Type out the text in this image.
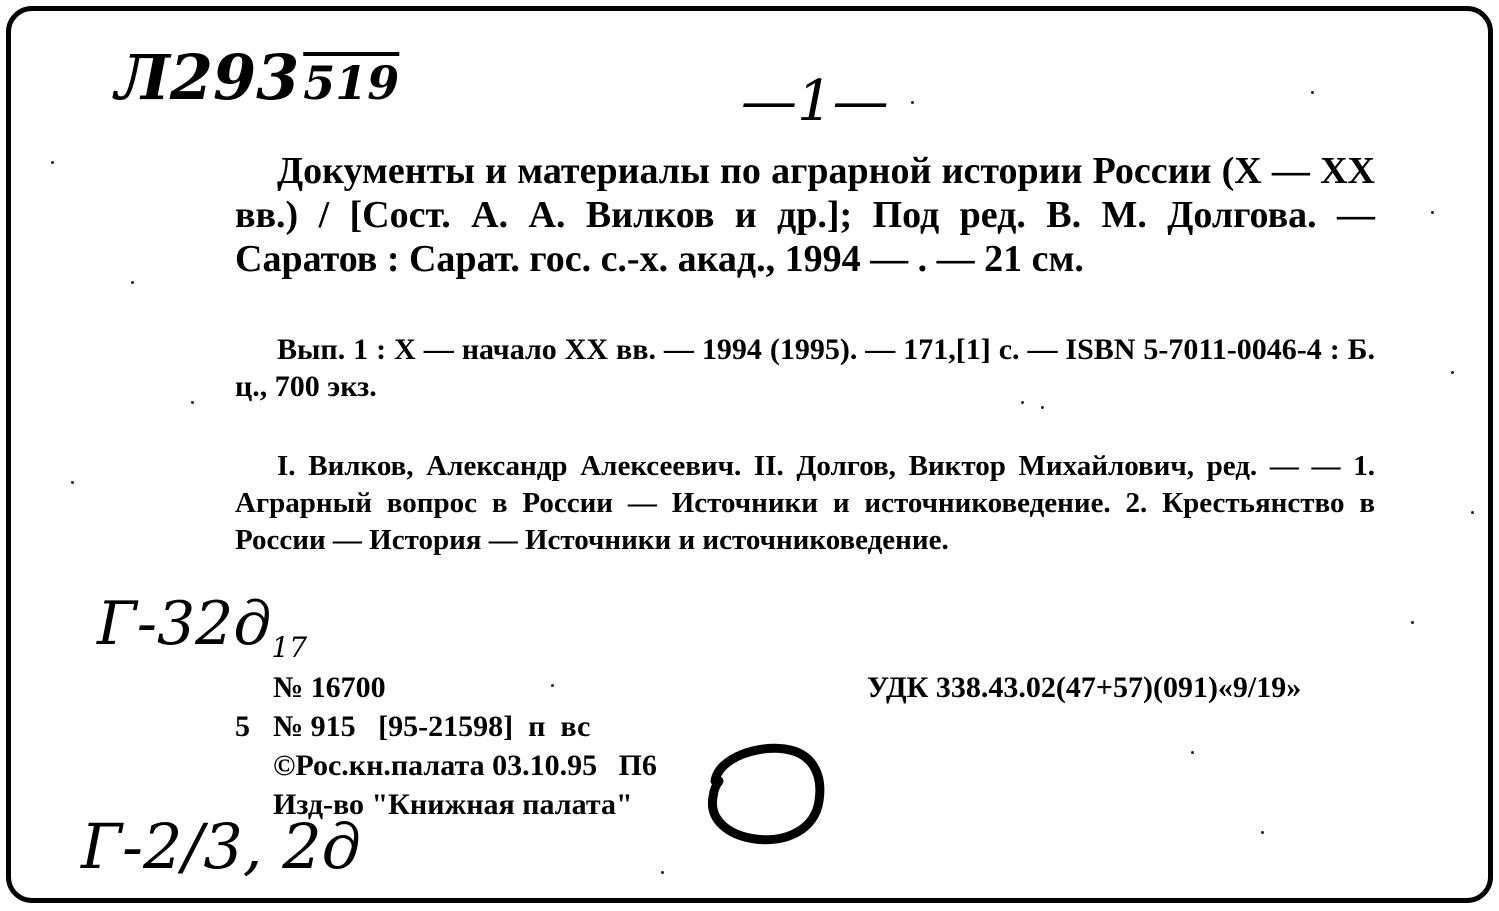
Л293519	—1—
Документы и материалы по аграрной истории России (X — XX вв.) / [Сост. А. А. Вилков и др.]; Под ред. В. М. Долгова. — Саратов : Сарат. гос. с.-х. акад., 1994 — . — 21 см.
Вып. 1 : X — начало XX вв. — 1994 (1995). — 171,[1] с. — ISBN 5-7011-0046-4 : Б. ц., 700 экз.
I. Вилков, Александр Алексеевич. II. Долгов, Виктор Михайлович, ред. — — 1. Аграрный вопрос в России — Источники и источниковедение. 2. Крестьянство в России — История — Источники и источниковедение.
$Г-32д_{17}$
№ 16700	УДК 338.43.02(47+57)(091)«9/19»
5 № 915   [95-21598]  п  вс
©Рос.кн.палата 03.10.95 П6
Изд-во "Книжная палата"
Г-2/3, 2д
